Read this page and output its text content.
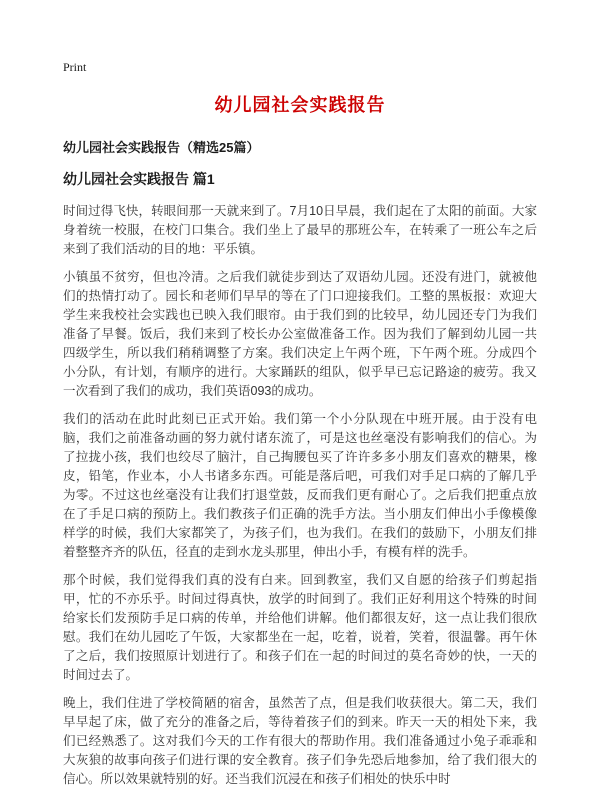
Print
幼儿园社会实践报告
幼儿园社会实践报告（精选25篇）
幼儿园社会实践报告 篇1

时间过得飞快，转眼间那一天就来到了。7月10日早晨，我们起在了太阳的前面。大家身着统一校服，在校门口集合。我们坐上了最早的那班公车，在转乘了一班公车之后来到了我们活动的目的地：平乐镇。

小镇虽不贫穷，但也冷清。之后我们就徒步到达了双语幼儿园。还没有进门，就被他们的热情打动了。园长和老师们早早的等在了门口迎接我们。工整的黑板报：欢迎大学生来我校社会实践也已映入我们眼帘。由于我们到的比较早，幼儿园还专门为我们准备了早餐。饭后，我们来到了校长办公室做准备工作。因为我们了解到幼儿园一共四级学生，所以我们稍稍调整了方案。我们决定上午两个班，下午两个班。分成四个小分队，有计划，有顺序的进行。大家踊跃的组队，似乎早已忘记路途的疲劳。我又一次看到了我们的成功，我们英语093的成功。

我们的活动在此时此刻已正式开始。我们第一个小分队现在中班开展。由于没有电脑，我们之前准备动画的努力就付诸东流了，可是这也丝毫没有影响我们的信心。为了拉拢小孩，我们也绞尽了脑汁，自己掏腰包买了许许多多小朋友们喜欢的糖果，橡皮，铅笔，作业本，小人书诸多东西。可能是落后吧，可我们对手足口病的了解几乎为零。不过这也丝毫没有让我们打退堂鼓，反而我们更有耐心了。之后我们把重点放在了手足口病的预防上。我们教孩子们正确的洗手方法。当小朋友们伸出小手像模像样学的时候，我们大家都笑了，为孩子们，也为我们。在我们的鼓励下，小朋友们排着整整齐齐的队伍，径直的走到水龙头那里，伸出小手，有模有样的洗手。

那个时候，我们觉得我们真的没有白来。回到教室，我们又自愿的给孩子们剪起指甲，忙的不亦乐乎。时间过得真快，放学的时间到了。我们正好利用这个特殊的时间给家长们发预防手足口病的传单，并给他们讲解。他们都很友好，这一点让我们很欣慰。我们在幼儿园吃了午饭，大家都坐在一起，吃着，说着，笑着，很温馨。再午休了之后，我们按照原计划进行了。和孩子们在一起的时间过的莫名奇妙的快，一天的时间过去了。

晚上，我们住进了学校简陋的宿舍，虽然苦了点，但是我们收获很大。第二天，我们早早起了床，做了充分的准备之后，等待着孩子们的到来。昨天一天的相处下来，我们已经熟悉了。这对我们今天的工作有很大的帮助作用。我们准备通过小兔子乖乖和大灰狼的故事向孩子们进行课的安全教育。孩子们争先恐后地参加，给了我们很大的信心。所以效果就特别的好。还当我们沉浸在和孩子们相处的快乐中时
